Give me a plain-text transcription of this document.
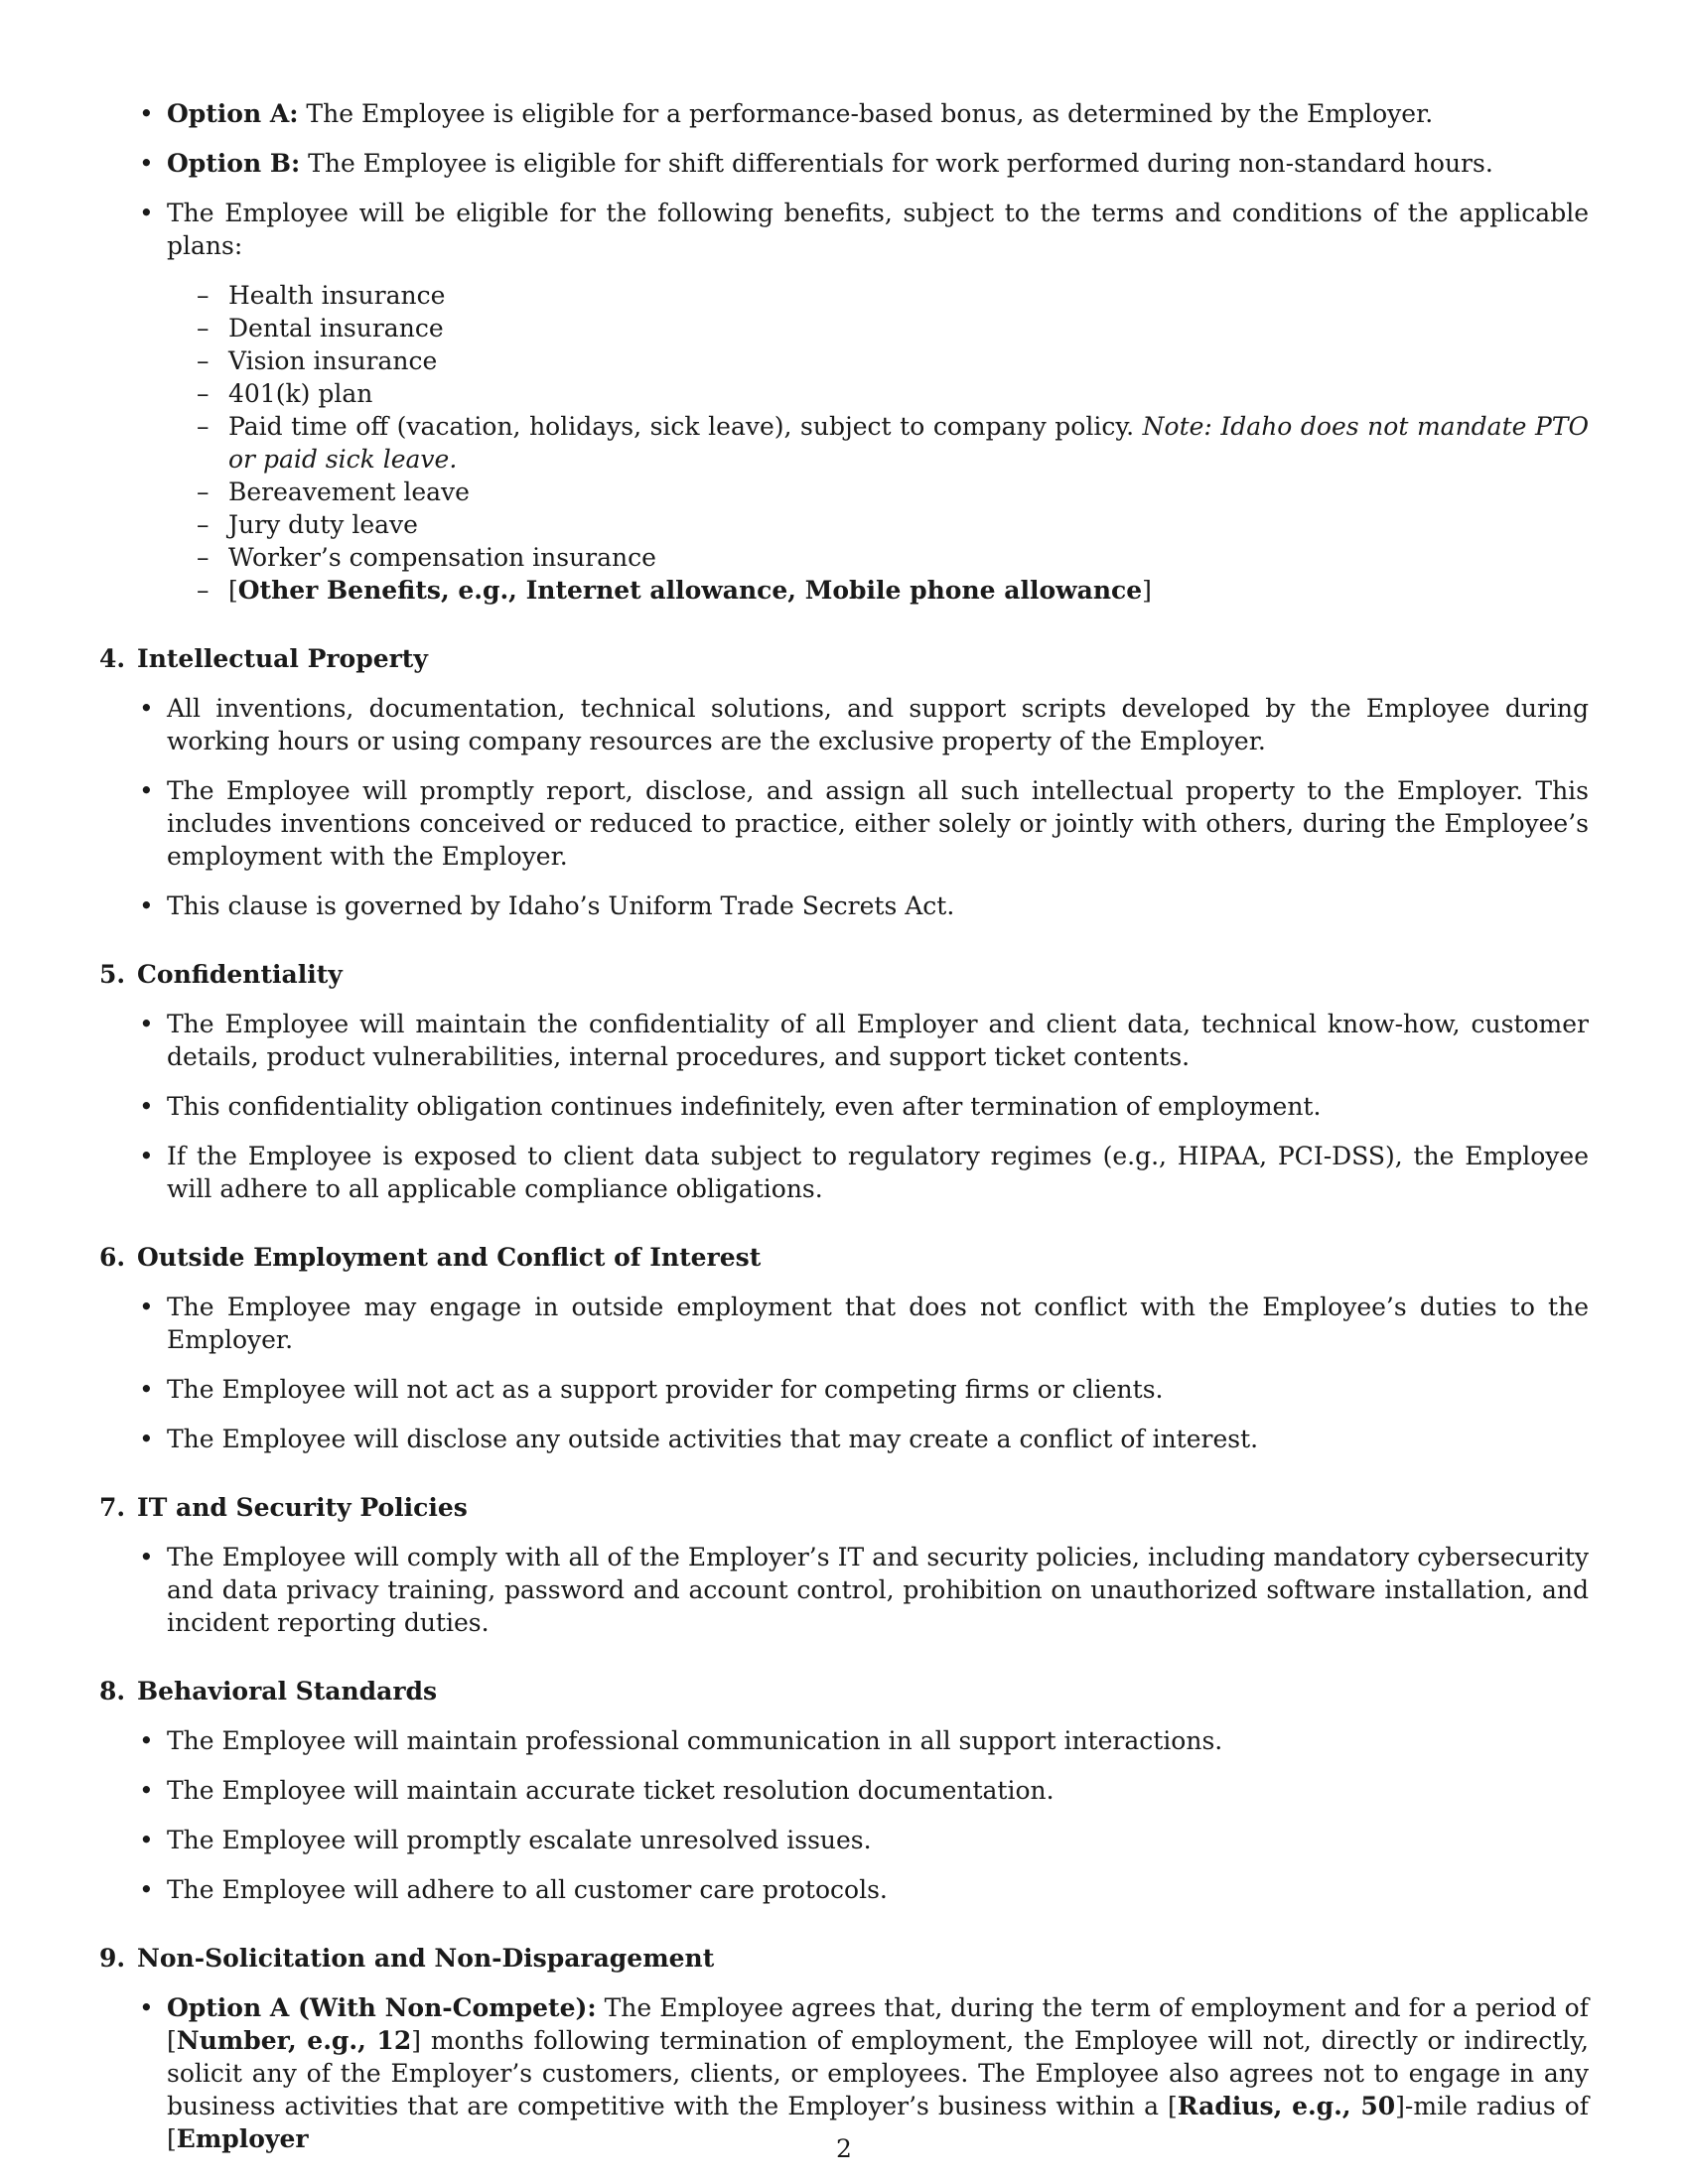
• Option A: The Employee is eligible for a performance-based bonus, as determined by the Employer.
• Option B: The Employee is eligible for shift differentials for work performed during non-standard hours.
• The Employee will be eligible for the following benefits, subject to the terms and conditions of the applicable plans:
– Health insurance
– Dental insurance
– Vision insurance
– 401(k) plan
– Paid time off (vacation, holidays, sick leave), subject to company policy. Note: Idaho does not mandate PTO or paid sick leave.
– Bereavement leave
– Jury duty leave
– Worker’s compensation insurance
– [Other Benefits, e.g., Internet allowance, Mobile phone allowance]
4. Intellectual Property
• All inventions, documentation, technical solutions, and support scripts developed by the Employee during working hours or using company resources are the exclusive property of the Employer.
• The Employee will promptly report, disclose, and assign all such intellectual property to the Employer. This includes inventions conceived or reduced to practice, either solely or jointly with others, during the Employee’s employment with the Employer.
• This clause is governed by Idaho’s Uniform Trade Secrets Act.
5. Confidentiality
• The Employee will maintain the confidentiality of all Employer and client data, technical know-how, customer details, product vulnerabilities, internal procedures, and support ticket contents.
• This confidentiality obligation continues indefinitely, even after termination of employment.
• If the Employee is exposed to client data subject to regulatory regimes (e.g., HIPAA, PCI-DSS), the Employee will adhere to all applicable compliance obligations.
6. Outside Employment and Conflict of Interest
• The Employee may engage in outside employment that does not conflict with the Employee’s duties to the Employer.
• The Employee will not act as a support provider for competing firms or clients.
• The Employee will disclose any outside activities that may create a conflict of interest.
7. IT and Security Policies
• The Employee will comply with all of the Employer’s IT and security policies, including mandatory cybersecurity and data privacy training, password and account control, prohibition on unauthorized software installation, and incident reporting duties.
8. Behavioral Standards
• The Employee will maintain professional communication in all support interactions.
• The Employee will maintain accurate ticket resolution documentation.
• The Employee will promptly escalate unresolved issues.
• The Employee will adhere to all customer care protocols.
9. Non-Solicitation and Non-Disparagement
• Option A (With Non-Compete): The Employee agrees that, during the term of employment and for a period of [Number, e.g., 12] months following termination of employment, the Employee will not, directly or indirectly, solicit any of the Employer’s customers, clients, or employees. The Employee also agrees not to engage in any business activities that are competitive with the Employer’s business within a [Radius, e.g., 50]-mile radius of [Employer	2
